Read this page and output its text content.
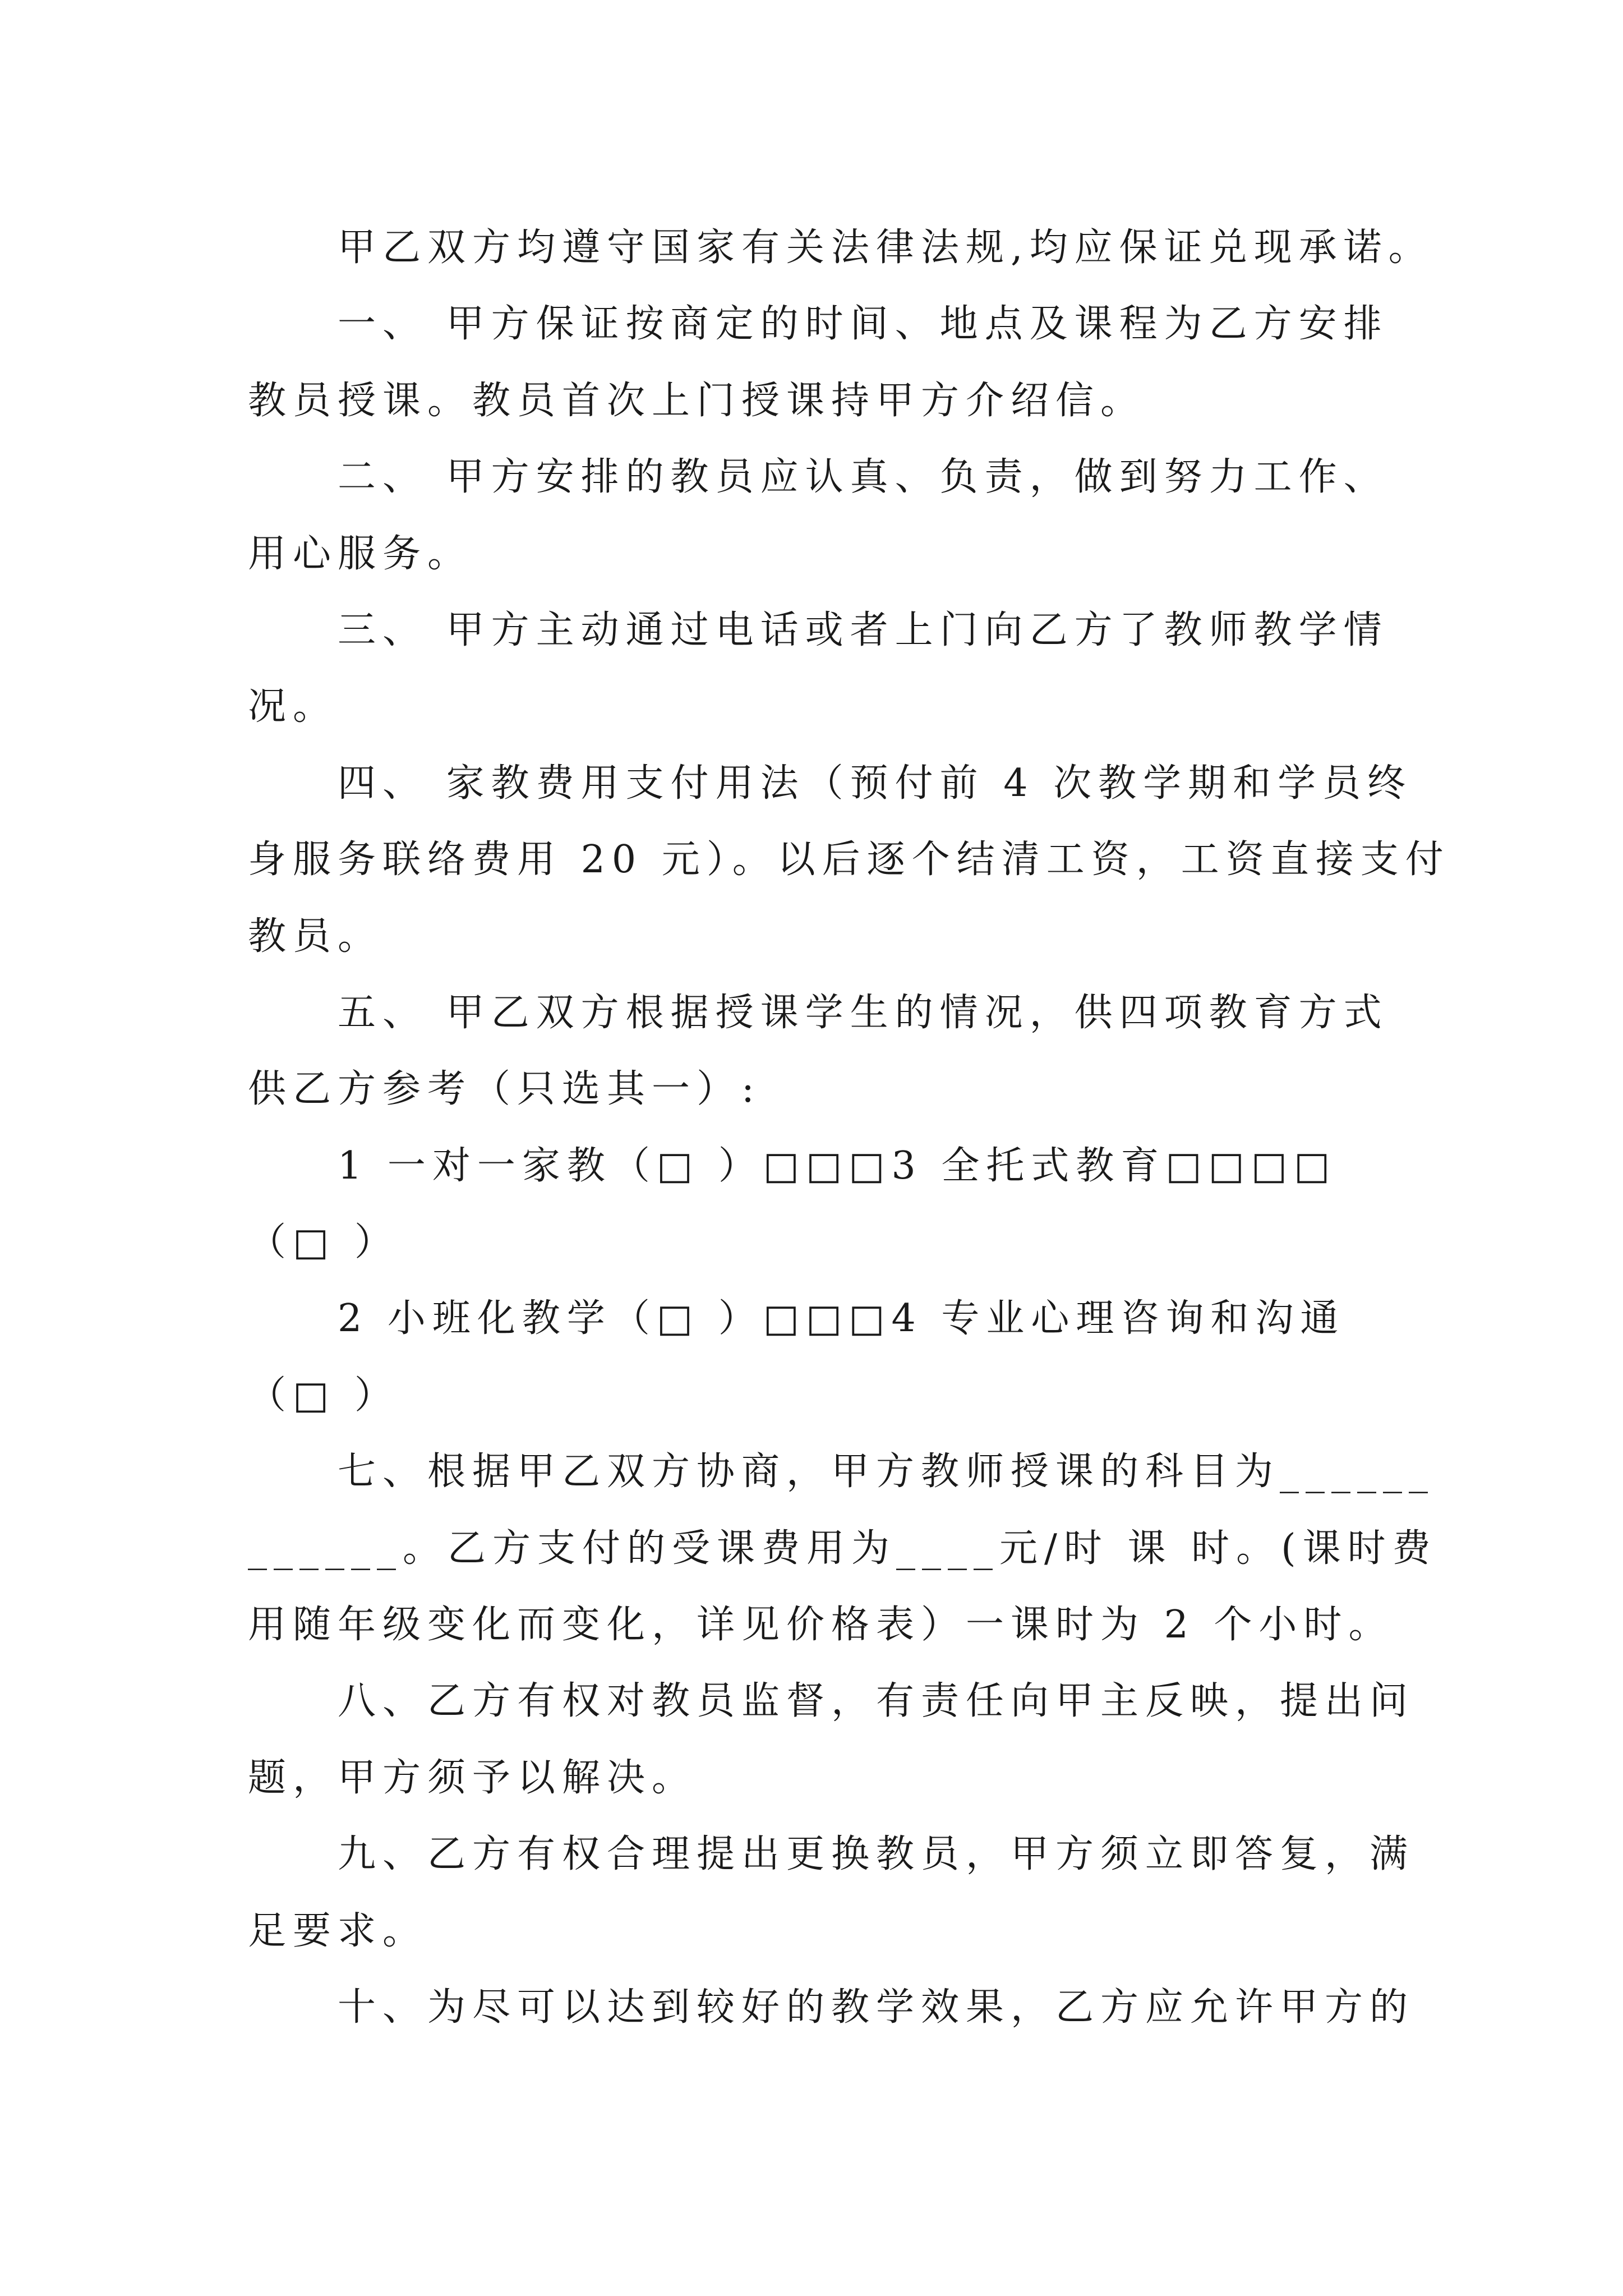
甲乙双方均遵守国家有关法律法规,均应保证兑现承诺。
一、 甲方保证按商定的时间、地点及课程为乙方安排
教员授课。教员首次上门授课持甲方介绍信。
二、 甲方安排的教员应认真、负责，做到努力工作、
用心服务。
三、 甲方主动通过电话或者上门向乙方了教师教学情
况。
四、 家教费用支付用法（预付前 4 次教学期和学员终
身服务联络费用 20 元）。以后逐个结清工资，工资直接支付
教员。
五、 甲乙双方根据授课学生的情况，供四项教育方式
供乙方参考（只选其一）:
1 一对一家教（□ ）□□□3 全托式教育□□□□
（□ ）
2 小班化教学（□ ）□□□4 专业心理咨询和沟通
（□ ）
七、根据甲乙双方协商，甲方教师授课的科目为______
______。乙方支付的受课费用为____元/时 课 时。(课时费
用随年级变化而变化，详见价格表）一课时为 2 个小时。
八、乙方有权对教员监督，有责任向甲主反映，提出问
题，甲方须予以解决。
九、乙方有权合理提出更换教员，甲方须立即答复，满
足要求。
十、为尽可以达到较好的教学效果，乙方应允许甲方的
